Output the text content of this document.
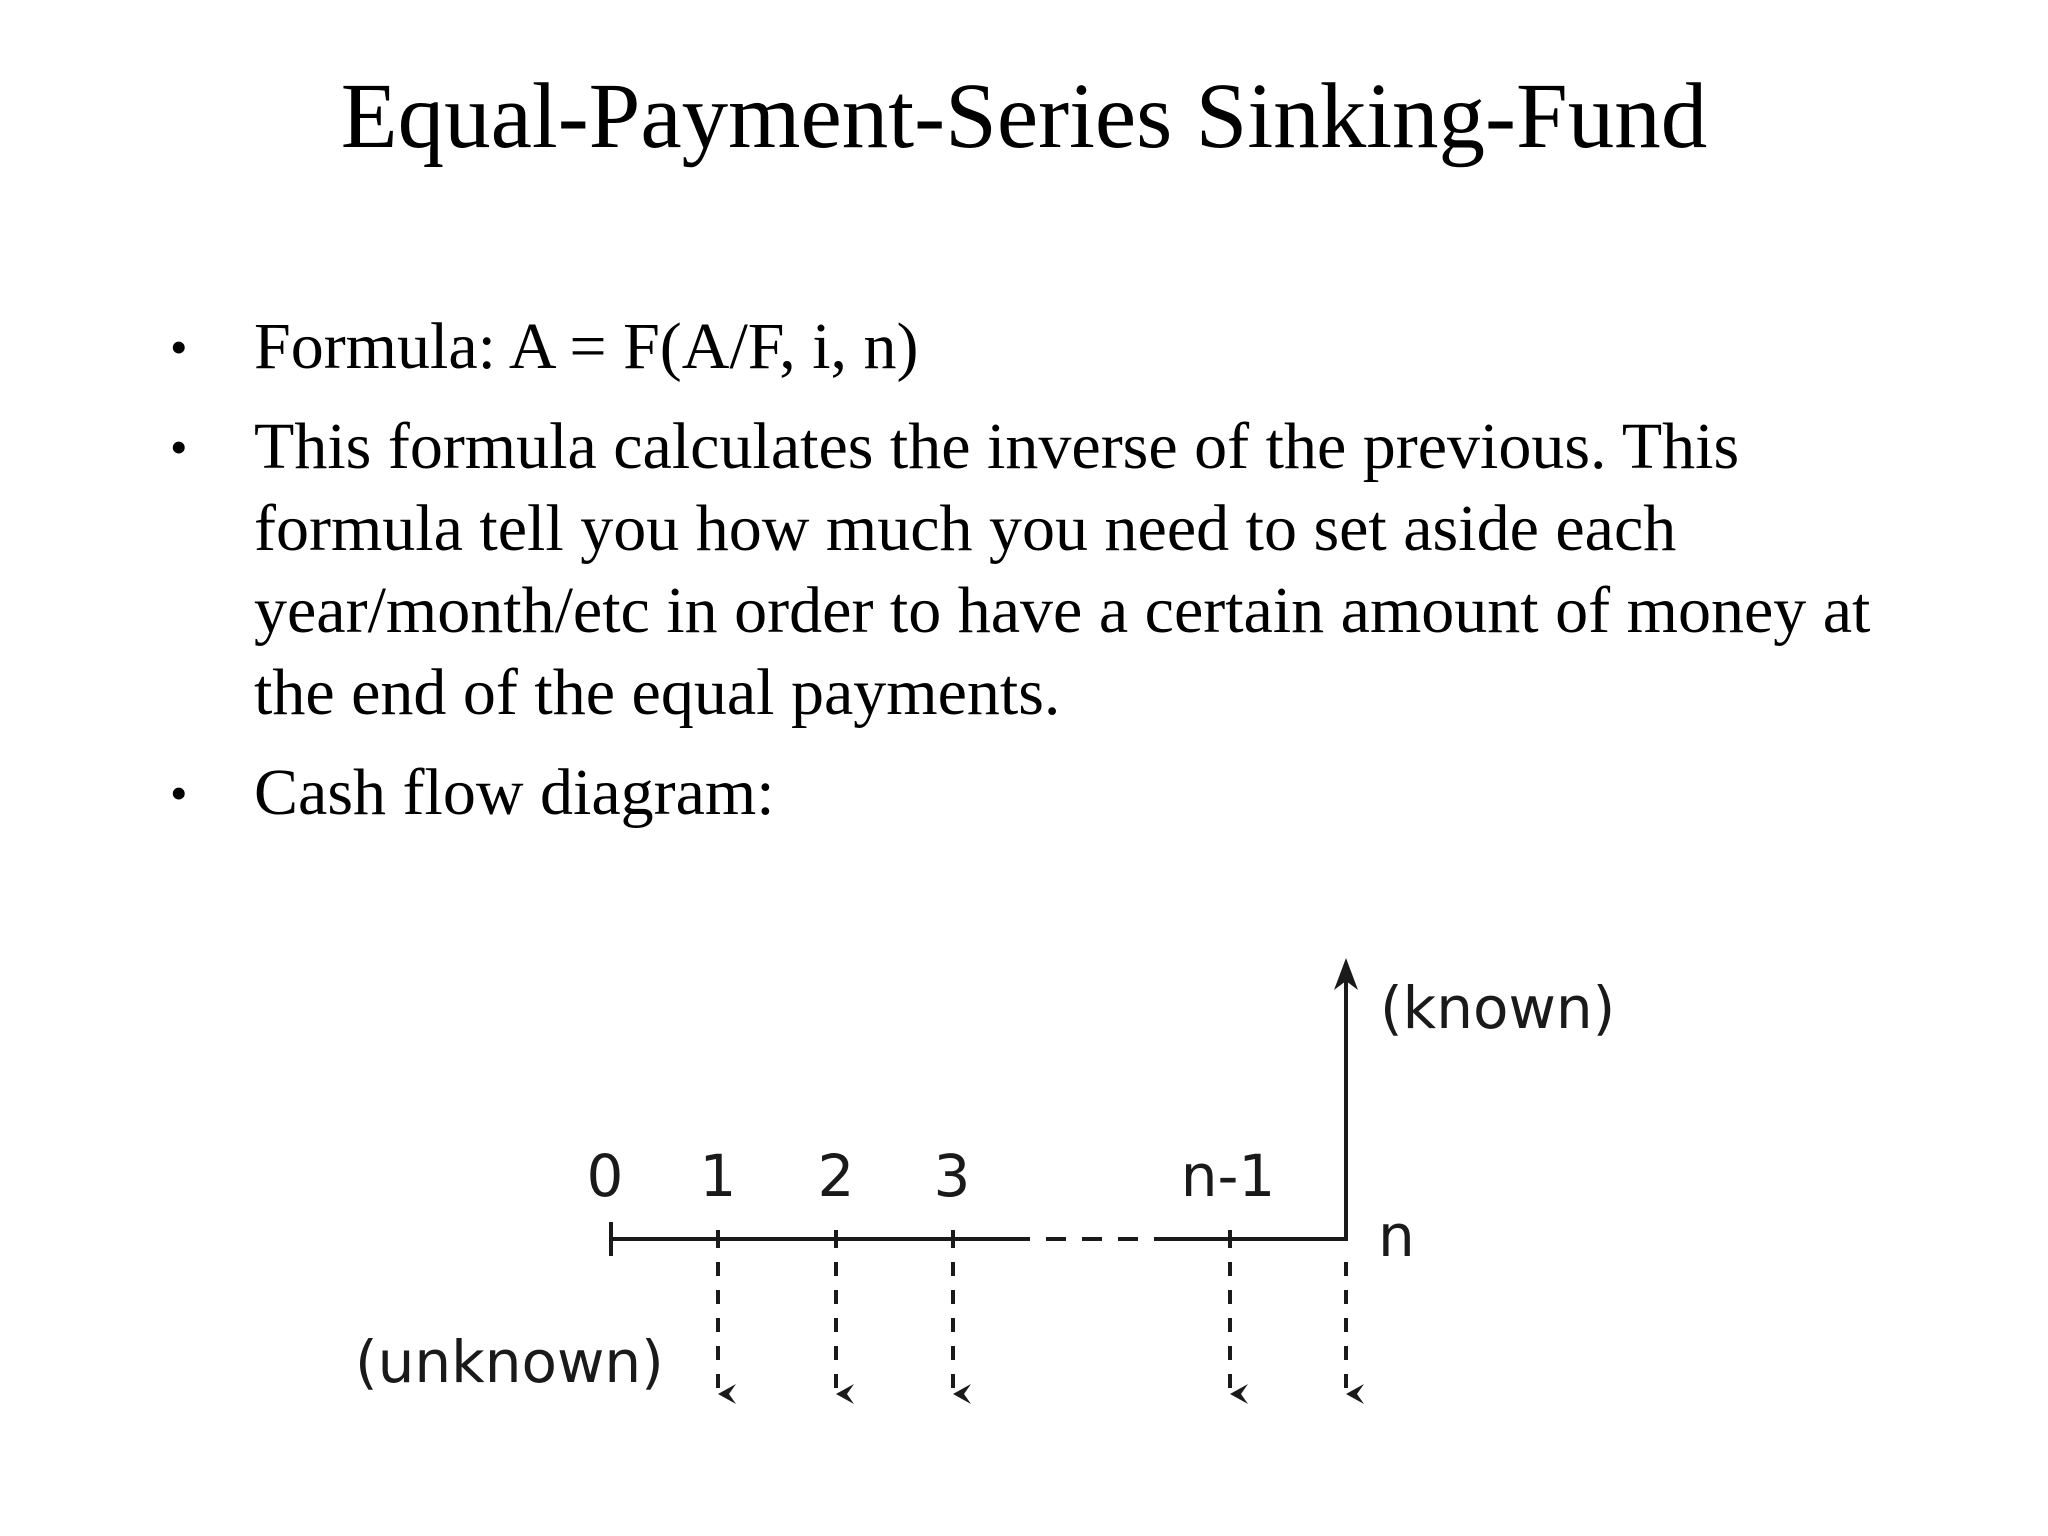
Equal-Payment-Series Sinking-Fund
• Formula: A = F(A/F, i, n)
• This formula calculates the inverse of the previous. This formula tell you how much you need to set aside each year/month/etc in order to have a certain amount of money at the end of the equal payments.
• Cash flow diagram:
0 1 2 3	n-1
n
(known)
(unknown)
